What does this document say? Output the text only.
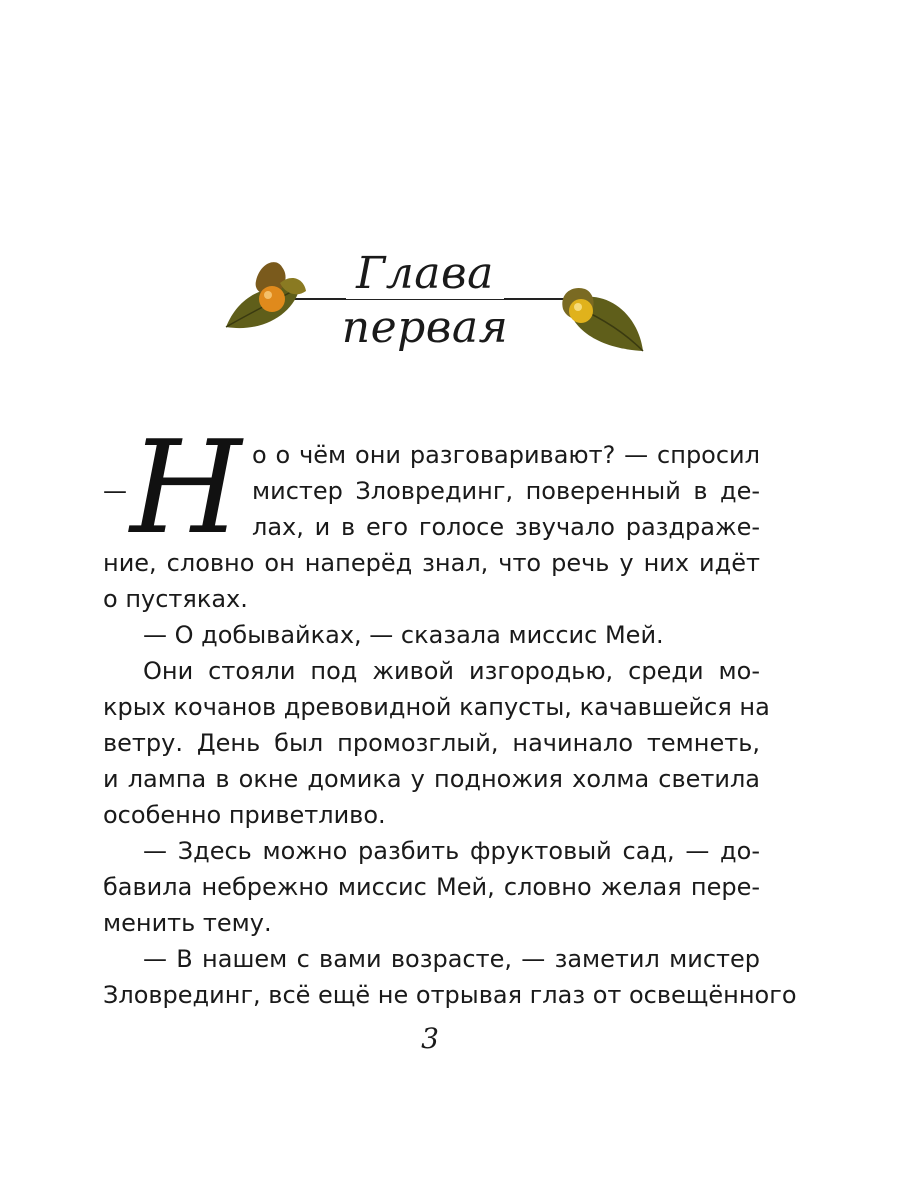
Глава
первая
— Н о о чём они разговаривают? — спросил
мистер Зловрединг, поверенный в де-
лах, и в его голосе звучало раздраже-
ние, словно он наперёд знал, что речь у них идёт
о пустяках.
— О добывайках, — сказала миссис Мей.
Они стояли под живой изгородью, среди мо-
крых кочанов древовидной капусты, качавшейся на
ветру. День был промозглый, начинало темнеть,
и лампа в окне домика у подножия холма светила
особенно приветливо.
— Здесь можно разбить фруктовый сад, — до-
бавила небрежно миссис Мей, словно желая пере-
менить тему.
— В нашем с вами возрасте, — заметил мистер
Зловрединг, всё ещё не отрывая глаз от освещённого
3
